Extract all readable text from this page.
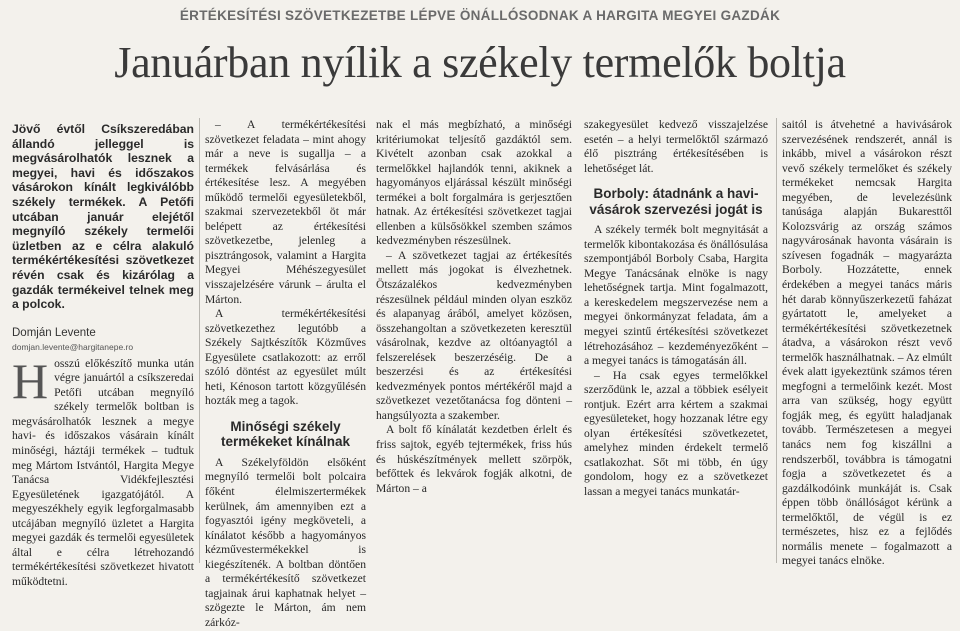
ÉRTÉKESÍTÉSI SZÖVETKEZETBE LÉPVE ÖNÁLLÓSODNAK A HARGITA MEGYEI GAZDÁK
Januárban nyílik a székely termelők boltja
Jövő évtől Csíkszeredában állandó jelleggel is megvásárolhatók lesznek a megyei, havi és időszakos vásárokon kínált legkiválóbb székely termékek. A Petőfi utcában január elejétől megnyíló székely termelői üzletben az e célra alakuló termékértékesítési szövetkezet révén csak és kizárólag a gazdák termékeivel telnek meg a polcok.
Domján Levente
domjan.levente@hargitanepe.ro
Hosszú előkészítő munka után végre januártól a csíkszeredai Petőfi utcában megnyíló székely termelők boltban is megvásárolhatók lesznek a megye havi- és időszakos vásárain kínált minőségi, háztáji termékek – tudtuk meg Mártom Istvántól, Hargita Megye Tanácsa Vidékfejlesztési Egyesületének igazgatójától. A megyeszékhely egyik legforgalmasabb utcájában megnyíló üzletet a Hargita megyei gazdák és termelői egyesületek által e célra létrehozandó termékértékesítési szövetkezet hivatott működtetni.

– A termékértékesítési szövetkezet feladata – mint ahogy már a neve is sugallja – a termékek felvásárlása és értékesítése lesz. A megyében működő termelői egyesületekből, szakmai szervezetekből öt már belépett az értékesítési szövetkezetbe, jelenleg a pisztrángosok, valamint a Hargita Megyei Méhészegyesület visszajelzésére várunk – árulta el Márton.

A termékértékesítési szövetkezethez legutóbb a Székely Sajtkészítők Közműves Egyesülete csatlakozott: az erről szóló döntést az egyesület múlt heti, Kénoson tartott közgyűlésén hozták meg a tagok.

Minőségi székely termékeket kínálnak

A Székelyföldön elsőként megnyíló termelői bolt polcaira főként élelmiszertermékek kerülnek, ám amennyiben ezt a fogyasztói igény megköveteli, a kínálatot később a hagyományos kézművestermékekkel is kiegészítenék. A boltban döntően a termékértékesítő szövetkezet tagjainak árui kaphatnak helyet – szögezte le Márton, ám nem zárkóz-

nak el más megbízható, a minőségi kritériumokat teljesítő gazdáktól sem. Kivételt azonban csak azokkal a termelőkkel hajlandók tenni, akiknek a hagyományos eljárással készült minőségi termékei a bolt forgalmára is gerjesztően hatnak. Az értékesítési szövetkezet tagjai ellenben a külsősökkel szemben számos kedvezményben részesülnek.

– A szövetkezet tagjai az értékesítés mellett más jogokat is élvezhetnek. Ötszázalékos kedvezményben részesülnek például minden olyan eszköz és alapanyag árából, amelyet közösen, összehangoltan a szövetkezeten keresztül vásárolnak, kezdve az oltóanyagtól a felszerelések beszerzéséig. De a beszerzési és az értékesítési kedvezmények pontos mértékéről majd a szövetkezet vezetőtanácsa fog dönteni – hangsúlyozta a szakember.

A bolt fő kínálatát kezdetben érlelt és friss sajtok, egyéb tejtermékek, friss hús és húskészítmények mellett szörpök, befőttek és lekvárok fogják alkotni, de Márton – a

szakegyesület kedvező visszajelzése esetén – a helyi termelőktől származó élő pisztráng értékesítésében is lehetőséget lát.

Borboly: átadnánk a havi-vásárok szervezési jogát is

A székely termék bolt megnyitását a termelők kibontakozása és önállósulása szempontjából Borboly Csaba, Hargita Megye Tanácsának elnöke is nagy lehetőségnek tartja. Mint fogalmazott, a kereskedelem megszervezése nem a megyei önkormányzat feladata, ám a megyei szintű értékesítési szövetkezet létrehozásához – kezdeményezőként – a megyei tanács is támogatásán áll.

– Ha csak egyes termelőkkel szerződünk le, azzal a többiek esélyeit rontjuk. Ezért arra kértem a szakmai egyesületeket, hogy hozzanak létre egy olyan értékesítési szövetkezetet, amelyhez minden érdekelt termelő csatlakozhat. Sőt mi több, én úgy gondolom, hogy ez a szövetkezet lassan a megyei tanács munkatár-

saitól is átvehetné a havivásárok szervezésének rendszerét, annál is inkább, mivel a vásárokon részt vevő székely termelőket és székely termékeket nemcsak Hargita megyében, de levelezésünk tanúsága alapján Bukaresttől Kolozsvárig az ország számos nagyvárosának havonta vásárain is szívesen fogadnák – magyarázta Borboly. Hozzátette, ennek érdekében a megyei tanács máris hét darab könnyűszerkezetű faházat gyártatott le, amelyeket a termékértékesítési szövetkezetnek átadva, a vásárokon részt vevő termelők használhatnak. – Az elmúlt évek alatt igyekeztünk számos téren megfogni a termelőink kezét. Most arra van szükség, hogy együtt fogják meg, és együtt haladjanak tovább. Természetesen a megyei tanács nem fog kiszállni a rendszerből, továbbra is támogatni fogja a szövetkezetet és a gazdálkodóink munkáját is. Csak éppen több önállóságot kérünk a termelőktől, de végül is ez természetes, hisz ez a fejlődés normális menete – fogalmazott a megyei tanács elnöke.
